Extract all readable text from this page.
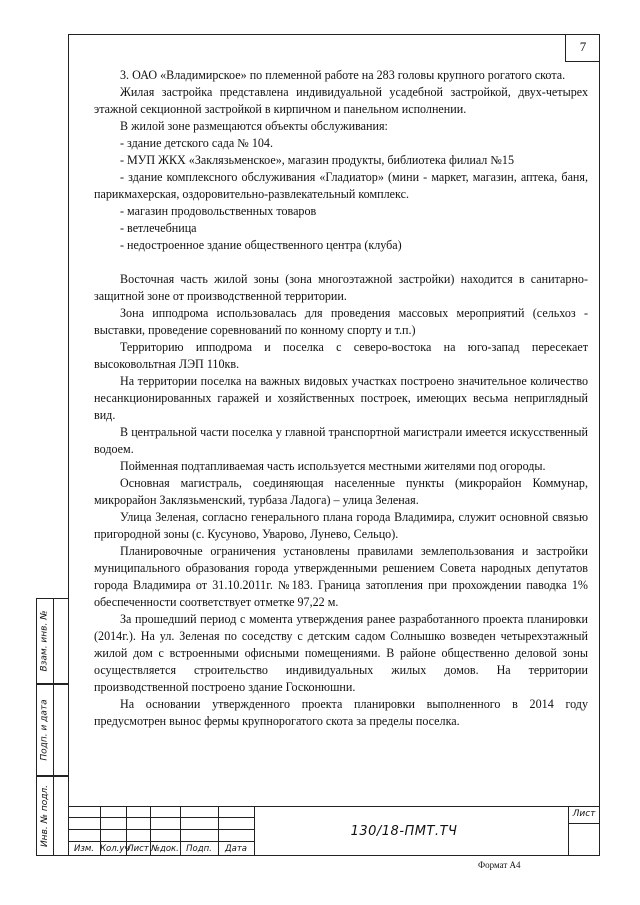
7

3. ОАО «Владимирское» по племенной работе на 283 головы крупного рогатого скота.

Жилая застройка представлена индивидуальной усадебной застройкой, двух-четырех этажной секционной застройкой в кирпичном и панельном исполнении.

В жилой зоне размещаются объекты обслуживания:

- здание детского сада № 104.

- МУП ЖКХ «Заклязьменское», магазин продукты, библиотека филиал №15

- здание комплексного обслуживания «Гладиатор» (мини - маркет, магазин, аптека, баня, парикмахерская, оздоровительно-развлекательный комплекс.

- магазин продовольственных товаров

- ветлечебница

- недостроенное здание общественного центра (клуба)

Восточная часть жилой зоны (зона многоэтажной застройки) находится в санитарно-защитной зоне от производственной территории.

Зона ипподрома использовалась для проведения массовых мероприятий (сельхоз - выставки, проведение соревнований по конному спорту и т.п.)

Территорию ипподрома и поселка с северо-востока на юго-запад пересекает высоковольтная ЛЭП 110кв.

На территории поселка на важных видовых участках построено значительное количество несанкционированных гаражей и хозяйственных построек, имеющих весьма неприглядный вид.

В центральной части поселка у главной транспортной магистрали имеется искусственный водоем.

Пойменная подтапливаемая часть используется местными жителями под огороды.

Основная магистраль, соединяющая населенные пункты (микрорайон Коммунар, микрорайон Заклязьменский, турбаза Ладога) – улица Зеленая.

Улица Зеленая, согласно генерального плана города Владимира, служит основной связью пригородной зоны (с. Кусуново, Уварово, Лунево, Сельцо).

Планировочные ограничения установлены правилами землепользования и застройки муниципального образования города утвержденными решением Совета народных депутатов города Владимира от 31.10.2011г. №183. Граница затопления при прохождении паводка 1% обеспеченности соответствует отметке 97,22 м.

За прошедший период с момента утверждения ранее разработанного проекта планировки (2014г.). На ул. Зеленая по соседству с детским садом Солнышко возведен четырехэтажный жилой дом с встроенными офисными помещениями. В районе общественно деловой зоны осуществляется строительство индивидуальных жилых домов. На территории производственной построено здание Госконюшни.

На основании утвержденного проекта планировки выполненного в 2014 году предусмотрен вынос фермы крупнорогатого скота за пределы поселка.

Взам. инв. №
Подп. и дата
Инв. № подл.
Изм. Кол.уч
Лист №док. Подп.	Дата
130/18-ПМТ.ТЧ
Лист
Формат А4
